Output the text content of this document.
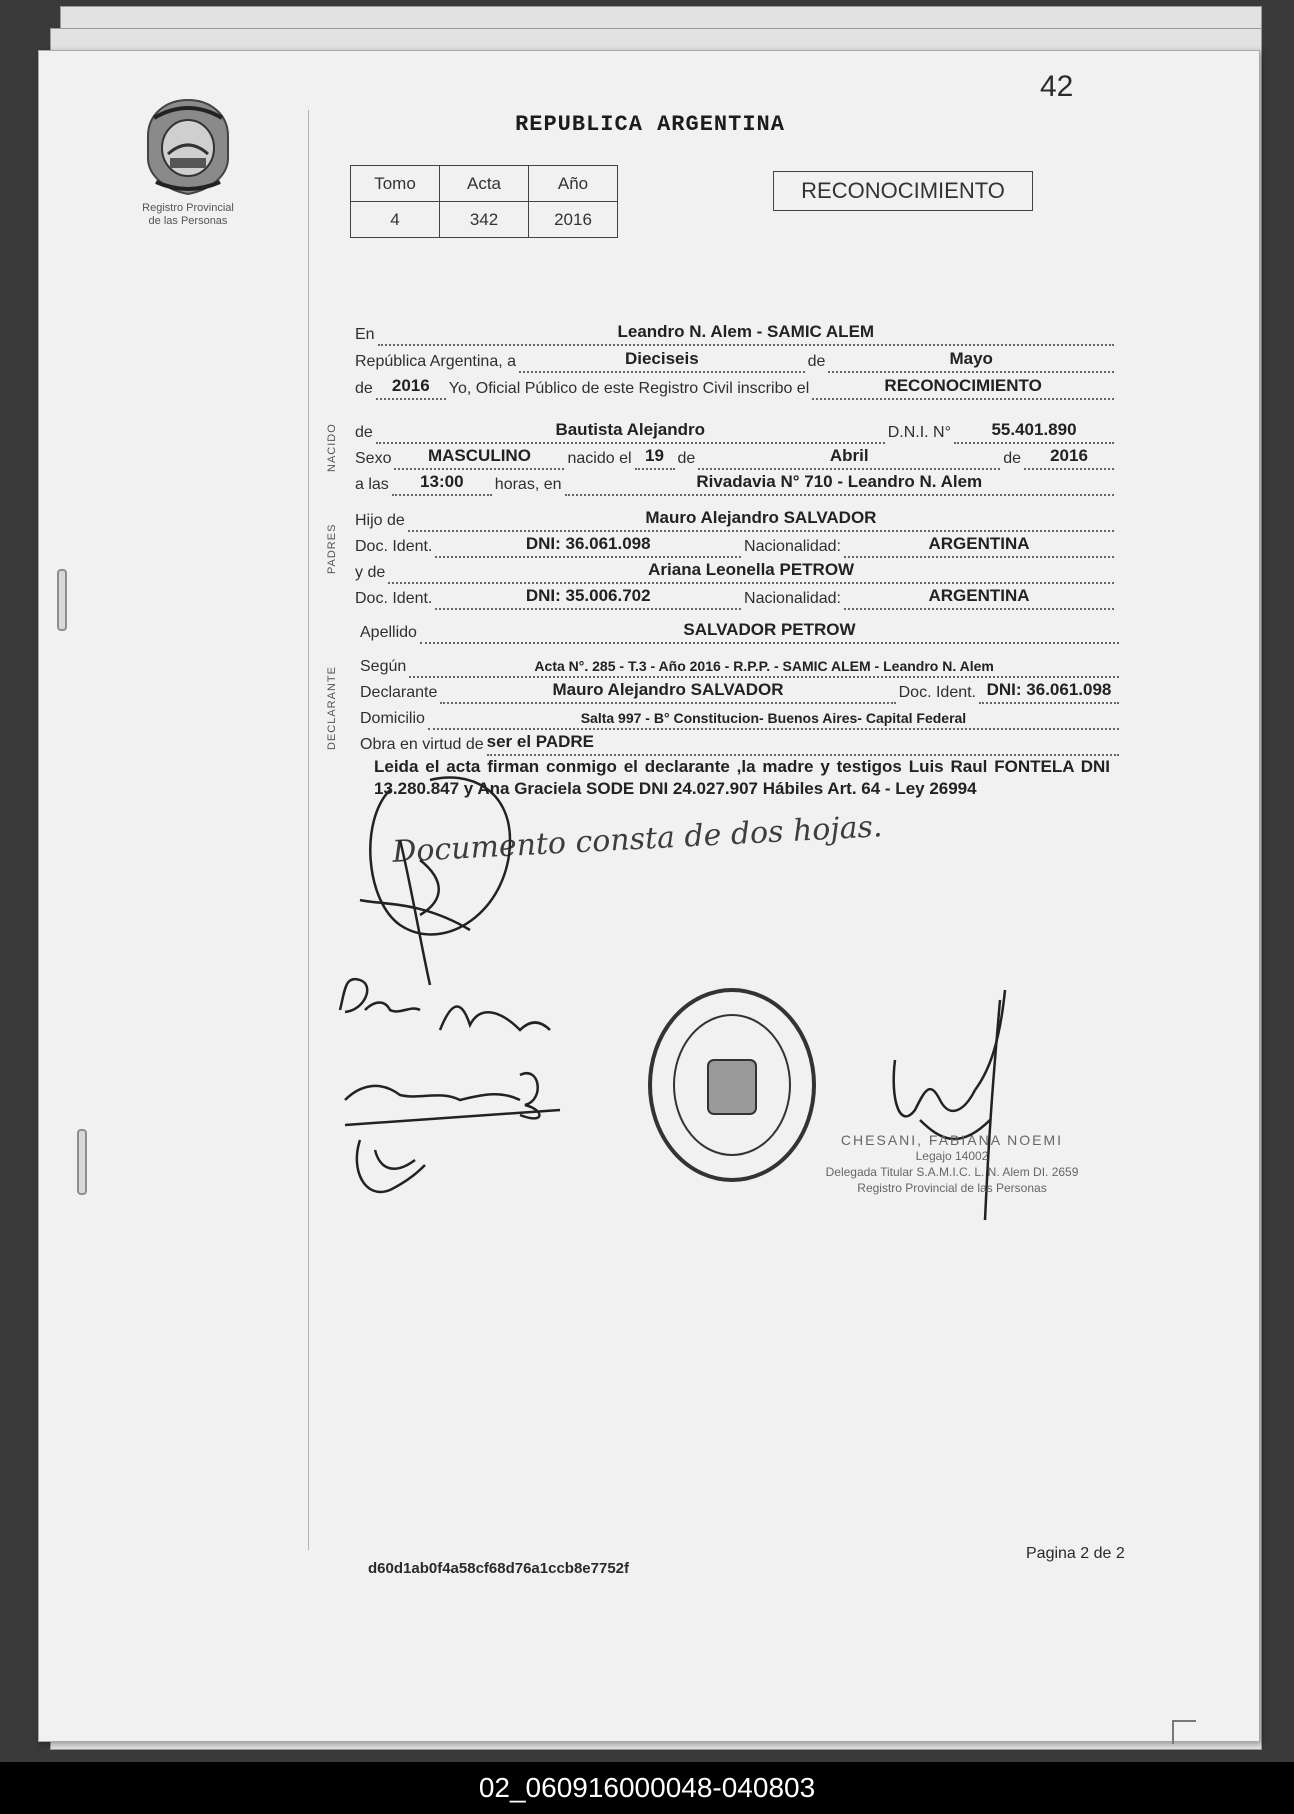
42
Registro Provincial
de las Personas
REPUBLICA ARGENTINA
Tomo	Acta	Año
4	342	2016
RECONOCIMIENTO
NACIDO
PADRES
DECLARANTE
En	Leandro N. Alem - SAMIC ALEM
República Argentina, a	Dieciseis	de	Mayo
de	2016	Yo, Oficial Público de este Registro Civil inscribo el	RECONOCIMIENTO
de	Bautista Alejandro	D.N.I. N°	55.401.890
Sexo	MASCULINO	nacido el 19 de	Abril	de	2016
a las	13:00	horas, en	Rivadavia N° 710 - Leandro N. Alem
Hijo de	Mauro Alejandro SALVADOR
Doc. Ident.	DNI: 36.061.098	Nacionalidad:	ARGENTINA
y de	Ariana Leonella PETROW
Doc. Ident.	DNI: 35.006.702	Nacionalidad:	ARGENTINA
Apellido	SALVADOR PETROW
Según	Acta N°. 285 - T.3 - Año 2016 - R.P.P. - SAMIC ALEM - Leandro N. Alem
Declarante	Mauro Alejandro SALVADOR	Doc. Ident. DNI: 36.061.098
Domicilio	Salta 997 - B° Constitucion- Buenos Aires- Capital Federal
Obra en virtud de ser el PADRE
Leida el acta firman conmigo el declarante ,la madre y testigos Luis Raul FONTELA DNI 13.280.847 y Ana Graciela SODE DNI 24.027.907 Hábiles Art. 64 - Ley 26994
Documento consta de dos hojas.
CHESANI, FABIANA NOEMI
Legajo 14002
Delegada Titular S.A.M.I.C. L. N. Alem DI. 2659
Registro Provincial de las Personas
d60d1ab0f4a58cf68d76a1ccb8e7752f
Pagina 2 de 2
02_060916000048-040803
